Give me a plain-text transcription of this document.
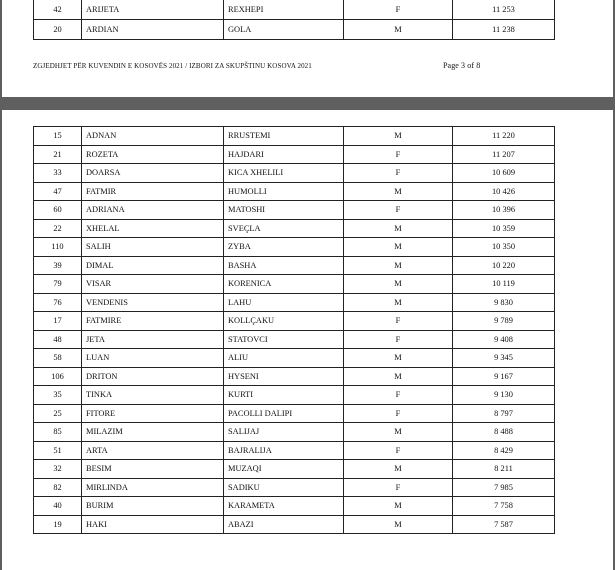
42	ARIJETA	REXHEPI	F	11 253
20	ARDIAN	GOLA	M	11 238
ZGJEDHJET PËR KUVENDIN E KOSOVËS 2021 / IZBORI ZA SKUPŠTINU KOSOVA 2021	Page 3 of 8
15	ADNAN	RRUSTEMI	M	11 220
21	ROZETA	HAJDARI	F	11 207
33	DOARSA	KICA XHELILI	F	10 609
47	FATMIR	HUMOLLI	M	10 426
60	ADRIANA	MATOSHI	F	10 396
22	XHELAL	SVEÇLA	M	10 359
110	SALIH	ZYBA	M	10 350
39	DIMAL	BASHA	M	10 220
79	VISAR	KORENICA	M	10 119
76	VENDENIS	LAHU	M	9 830
17	FATMIRE	KOLLÇAKU	F	9 789
48	JETA	STATOVCI	F	9 408
58	LUAN	ALIU	M	9 345
106	DRITON	HYSENI	M	9 167
35	TINKA	KURTI	F	9 130
25	FITORE	PACOLLI DALIPI	F	8 797
85	MILAZIM	SALIJAJ	M	8 488
51	ARTA	BAJRALIJA	F	8 429
32	BESIM	MUZAQI	M	8 211
82	MIRLINDA	SADIKU	F	7 985
40	BURIM	KARAMETA	M	7 758
19	HAKI	ABAZI	M	7 587
